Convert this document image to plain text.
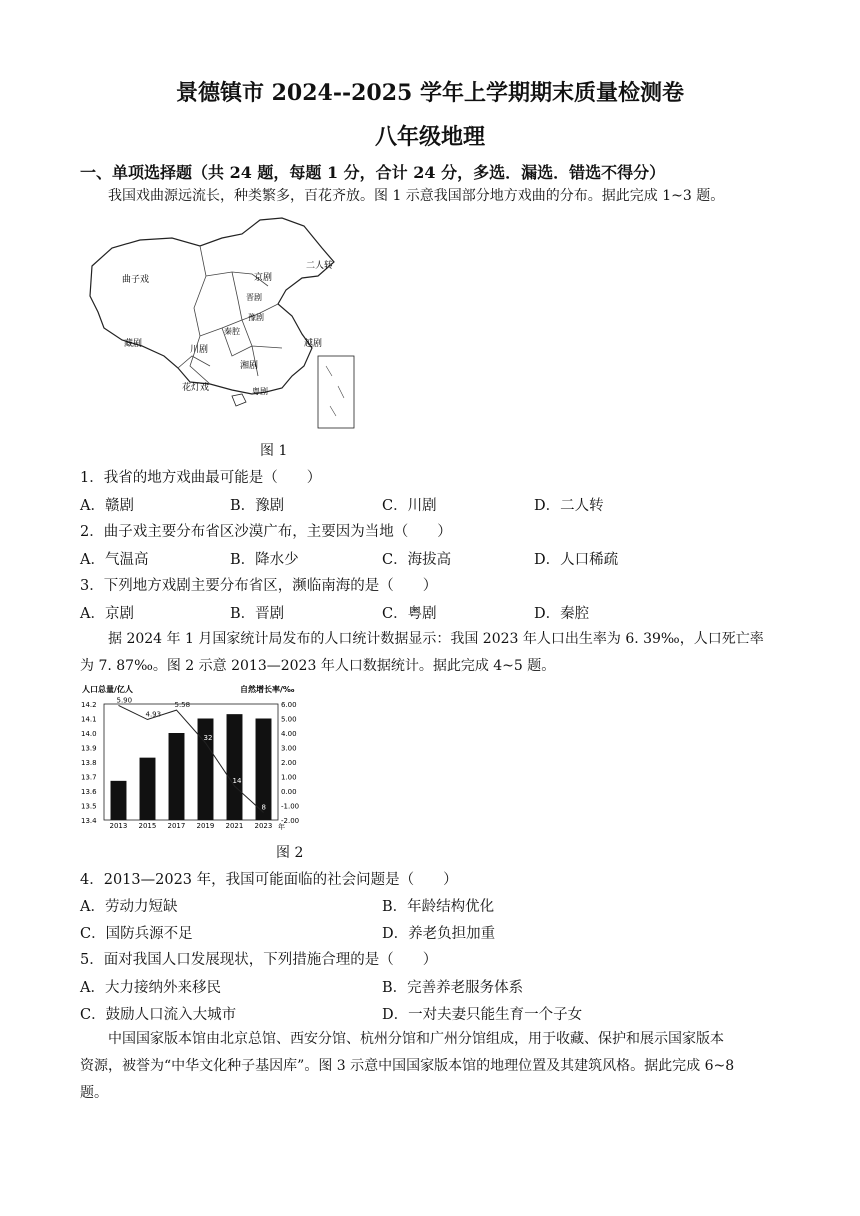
景德镇市 2024--2025 学年上学期期末质量检测卷
八年级地理
一、单项选择题（共 24 题，每题 1 分，合计 24 分，多选．漏选．错选不得分）
我国戏曲源远流长，种类繁多，百花齐放。图 1 示意我国部分地方戏曲的分布。据此完成 1~3 题。
曲子戏	京剧
二人转
晋剧
豫剧
秦腔
藏剧
川剧
越剧
湘剧
花灯戏	粤剧
图 1
1．我省的地方戏曲最可能是（　　）
A．赣剧	B．豫剧	C．川剧	D．二人转
2．曲子戏主要分布省区沙漠广布，主要因为当地（　　）
A．气温高	B．降水少	C．海拔高	D．人口稀疏
3．下列地方戏剧主要分布省区，濒临南海的是（　　）
A．京剧	B．晋剧	C．粤剧	D．秦腔
据 2024 年 1 月国家统计局发布的人口统计数据显示：我国 2023 年人口出生率为 6. 39‰，人口死亡率
为 7. 87‰。图 2 示意 2013—2023 年人口数据统计。据此完成 4~5 题。
人口总量/亿人	自然增长率/‰
14.2
14.1
14.0
13.9
13.8
13.7
13.6
13.5
13.4
6.00
5.00
4.00
3.00
2.00
1.00
0.00
-1.00
-2.00
2013 2015 2017 2019 2021 2023 年
5.90
4.93
5.58
32
14
8
图 2
4．2013—2023 年，我国可能面临的社会问题是（　　）
A．劳动力短缺	B．年龄结构优化
C．国防兵源不足	D．养老负担加重
5．面对我国人口发展现状，下列措施合理的是（　　）
A．大力接纳外来移民	B．完善养老服务体系
C．鼓励人口流入大城市	D．一对夫妻只能生育一个子女
中国国家版本馆由北京总馆、西安分馆、杭州分馆和广州分馆组成，用于收藏、保护和展示国家版本
资源，被誉为“中华文化种子基因库”。图 3 示意中国国家版本馆的地理位置及其建筑风格。据此完成 6~8
题。
